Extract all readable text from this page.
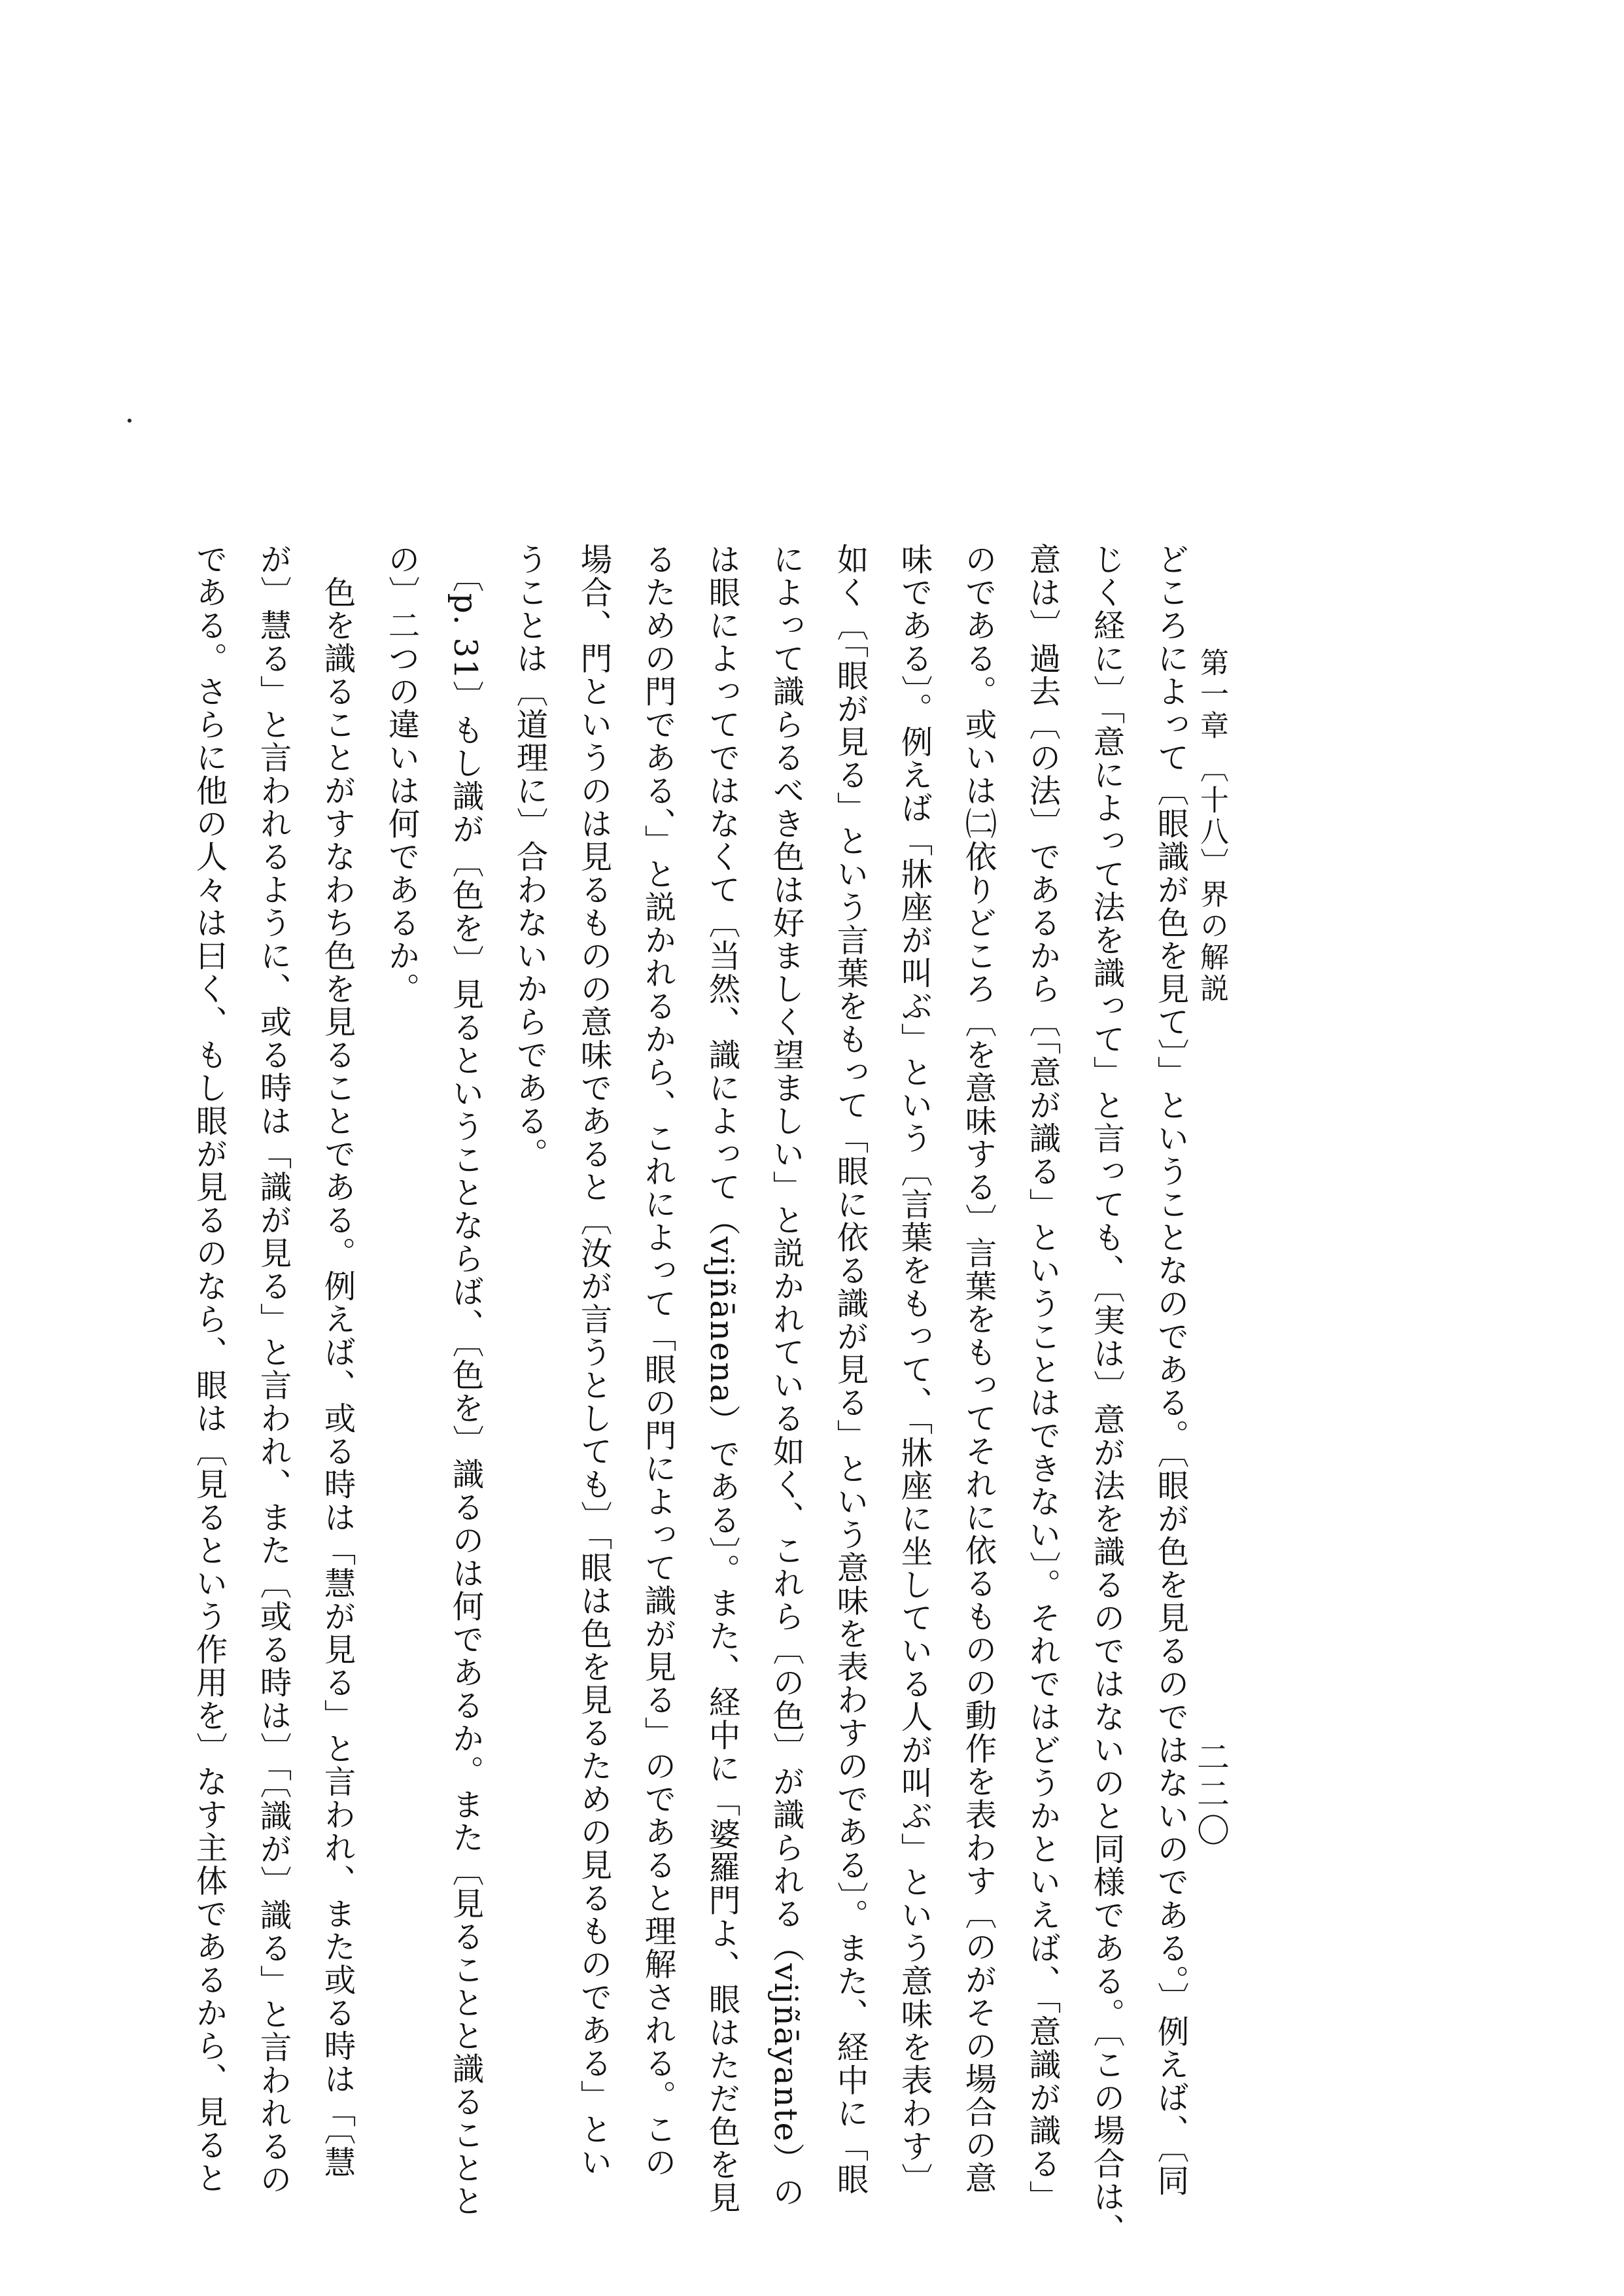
二二〇
第一章 〔十八〕界の解説
どころによって〔眼識が色を見て〕」ということなのである。〔眼が色を見るのではないのである。〕例えば、〔同
じく経に〕「意によって法を識って」と言っても、〔実は〕意が法を識るのではないのと同様である。〔この場合は、
意は〕過去〔の法〕であるから〔「意が識る」ということはできない〕。それではどうかといえば、「意識が識る」
のである。或いは㈡依りどころ〔を意味する〕言葉をもってそれに依るものの動作を表わす〔のがその場合の意
味である〕。例えば「牀座が叫ぶ」という〔言葉をもって、「牀座に坐している人が叫ぶ」という意味を表わす〕
如く〔「眼が見る」という言葉をもって「眼に依る識が見る」という意味を表わすのである〕。また、経中に「眼
によって識らるべき色は好ましく望ましい」と説かれている如く、これら〔の色〕が識られる（vijñāyante）の
は眼によってではなくて〔当然、識によって（vijñānena）である〕。また、経中に「婆羅門よ、眼はただ色を見
るための門である、」と説かれるから、これによって「眼の門によって識が見る」のであると理解される。この
場合、門というのは見るものの意味であると〔汝が言うとしても〕「眼は色を見るための見るものである」とい
うことは〔道理に〕合わないからである。
　〔p. 31〕もし識が〔色を〕見るということならば、〔色を〕識るのは何であるか。また〔見ることと識ることと
の〕二つの違いは何であるか。
　色を識ることがすなわち色を見ることである。例えば、或る時は「慧が見る」と言われ、また或る時は「〔慧
が〕慧る」と言われるように、或る時は「識が見る」と言われ、また〔或る時は〕「〔識が〕識る」と言われるの
である。さらに他の人々は曰く、もし眼が見るのなら、眼は〔見るという作用を〕なす主体であるから、見ると
